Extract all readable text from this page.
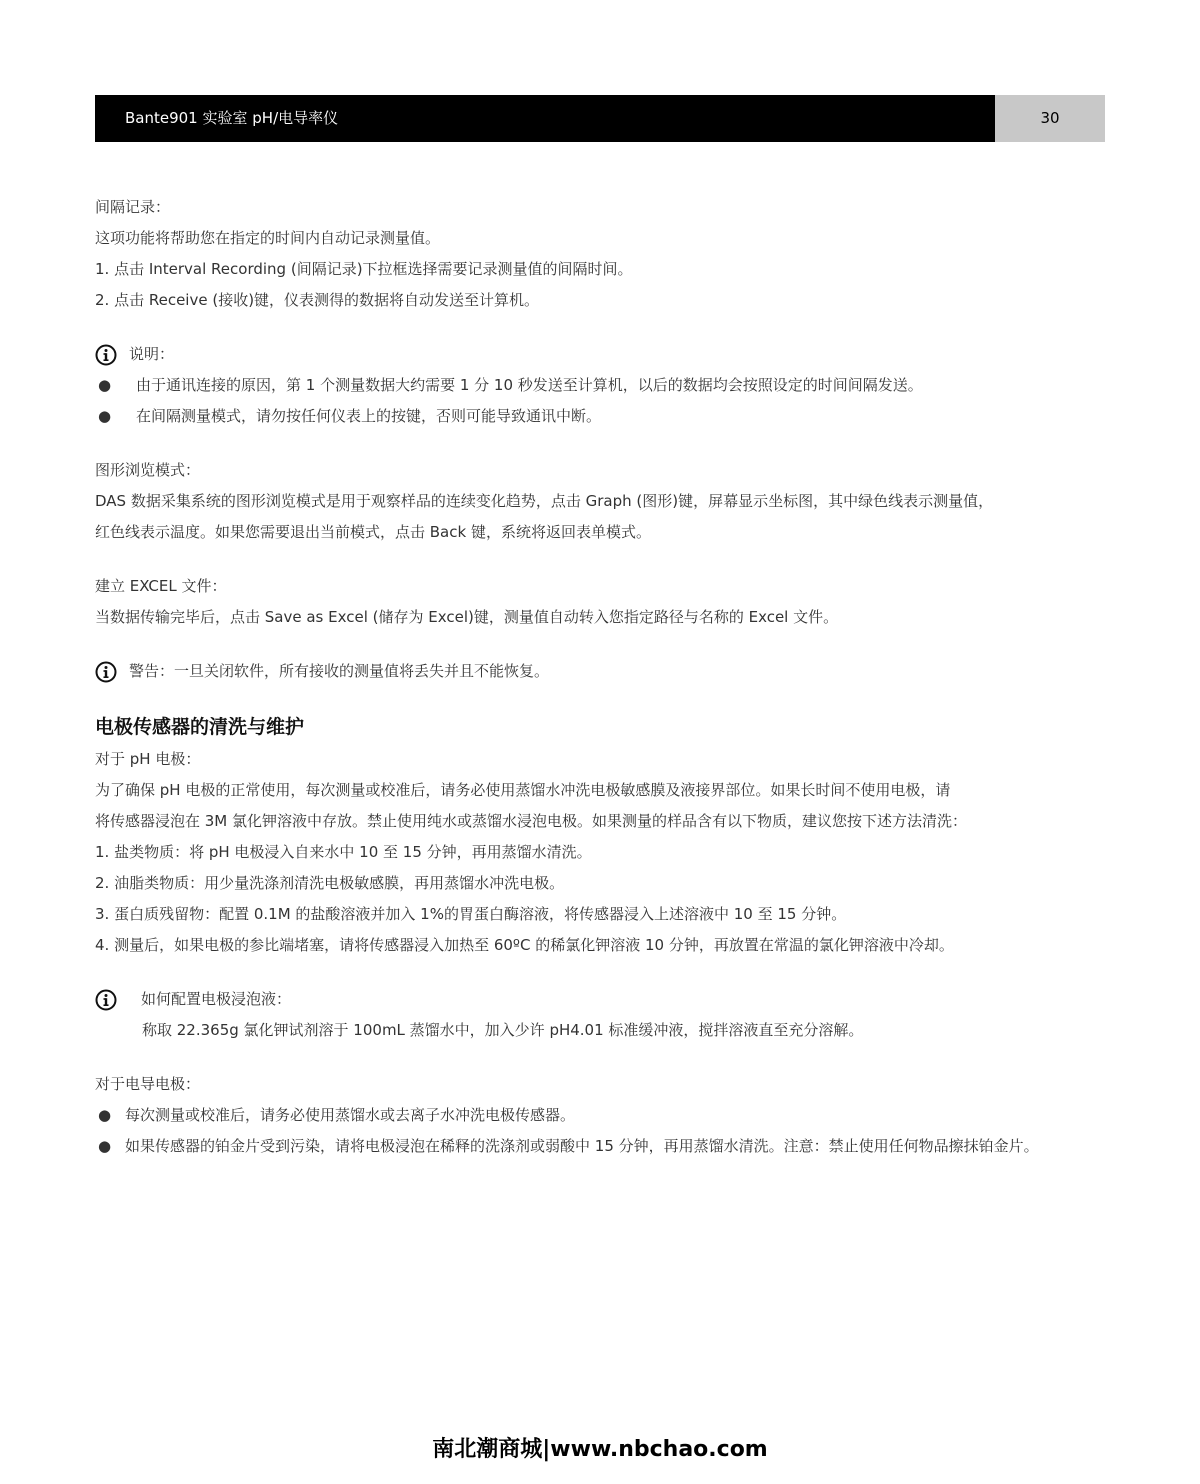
Bante901 实验室 pH/电导率仪	30
间隔记录：
这项功能将帮助您在指定的时间内自动记录测量值。
1. 点击 Interval Recording (间隔记录)下拉框选择需要记录测量值的间隔时间。
2. 点击 Receive (接收)键，仪表测得的数据将自动发送至计算机。
说明：
●	由于通讯连接的原因，第 1 个测量数据大约需要 1 分 10 秒发送至计算机，以后的数据均会按照设定的时间间隔发送。
●	在间隔测量模式，请勿按任何仪表上的按键，否则可能导致通讯中断。
图形浏览模式：
DAS 数据采集系统的图形浏览模式是用于观察样品的连续变化趋势，点击 Graph (图形)键，屏幕显示坐标图，其中绿色线表示测量值，
红色线表示温度。如果您需要退出当前模式，点击 Back 键，系统将返回表单模式。
建立 EXCEL 文件：
当数据传输完毕后，点击 Save as Excel (储存为 Excel)键，测量值自动转入您指定路径与名称的 Excel 文件。
警告：一旦关闭软件，所有接收的测量值将丢失并且不能恢复。
电极传感器的清洗与维护
对于 pH 电极：
为了确保 pH 电极的正常使用，每次测量或校准后，请务必使用蒸馏水冲洗电极敏感膜及液接界部位。如果长时间不使用电极，请
将传感器浸泡在 3M 氯化钾溶液中存放。禁止使用纯水或蒸馏水浸泡电极。如果测量的样品含有以下物质，建议您按下述方法清洗：
1. 盐类物质：将 pH 电极浸入自来水中 10 至 15 分钟，再用蒸馏水清洗。
2. 油脂类物质：用少量洗涤剂清洗电极敏感膜，再用蒸馏水冲洗电极。
3. 蛋白质残留物：配置 0.1M 的盐酸溶液并加入 1%的胃蛋白酶溶液，将传感器浸入上述溶液中 10 至 15 分钟。
4. 测量后，如果电极的参比端堵塞，请将传感器浸入加热至 60ºC 的稀氯化钾溶液 10 分钟，再放置在常温的氯化钾溶液中冷却。
如何配置电极浸泡液：
称取 22.365g 氯化钾试剂溶于 100mL 蒸馏水中，加入少许 pH4.01 标准缓冲液，搅拌溶液直至充分溶解。
对于电导电极：
● 每次测量或校准后，请务必使用蒸馏水或去离子水冲洗电极传感器。
● 如果传感器的铂金片受到污染，请将电极浸泡在稀释的洗涤剂或弱酸中 15 分钟，再用蒸馏水清洗。注意：禁止使用任何物品擦抹铂金片。
南北潮商城|www.nbchao.com
